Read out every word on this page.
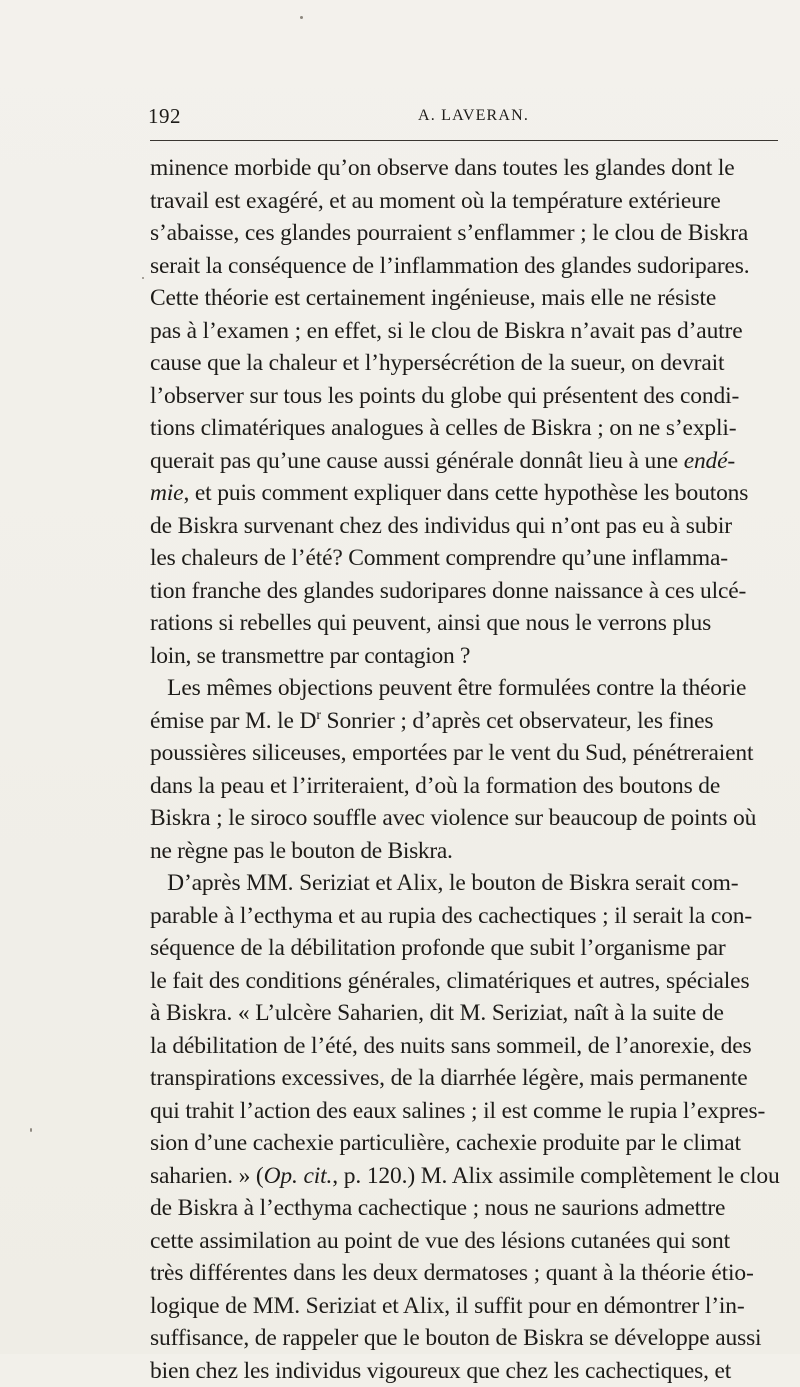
192	A. LAVERAN.
minence morbide qu’on observe dans toutes les glandes dont le
travail est exagéré, et au moment où la température extérieure
s’abaisse, ces glandes pourraient s’enflammer ; le clou de Biskra
serait la conséquence de l’inflammation des glandes sudoripares.
Cette théorie est certainement ingénieuse, mais elle ne résiste
pas à l’examen ; en effet, si le clou de Biskra n’avait pas d’autre
cause que la chaleur et l’hypersécrétion de la sueur, on devrait
l’observer sur tous les points du globe qui présentent des condi-
tions climatériques analogues à celles de Biskra ; on ne s’expli-
querait pas qu’une cause aussi générale donnât lieu à une endé-
mie, et puis comment expliquer dans cette hypothèse les boutons
de Biskra survenant chez des individus qui n’ont pas eu à subir
les chaleurs de l’été? Comment comprendre qu’une inflamma-
tion franche des glandes sudoripares donne naissance à ces ulcé-
rations si rebelles qui peuvent, ainsi que nous le verrons plus
loin, se transmettre par contagion ?
Les mêmes objections peuvent être formulées contre la théorie
émise par M. le $D^r$ Sonrier ; d’après cet observateur, les fines
poussières siliceuses, emportées par le vent du Sud, pénétreraient
dans la peau et l’irriteraient, d’où la formation des boutons de
Biskra ; le siroco souffle avec violence sur beaucoup de points où
ne règne pas le bouton de Biskra.
D’après MM. Seriziat et Alix, le bouton de Biskra serait com-
parable à l’ecthyma et au rupia des cachectiques ; il serait la con-
séquence de la débilitation profonde que subit l’organisme par
le fait des conditions générales, climatériques et autres, spéciales
à Biskra. « L’ulcère Saharien, dit M. Seriziat, naît à la suite de
la débilitation de l’été, des nuits sans sommeil, de l’anorexie, des
transpirations excessives, de la diarrhée légère, mais permanente
qui trahit l’action des eaux salines ; il est comme le rupia l’expres-
sion d’une cachexie particulière, cachexie produite par le climat
saharien. » (Op. cit., p. 120.) M. Alix assimile complètement le clou
de Biskra à l’ecthyma cachectique ; nous ne saurions admettre
cette assimilation au point de vue des lésions cutanées qui sont
très différentes dans les deux dermatoses ; quant à la théorie étio-
logique de MM. Seriziat et Alix, il suffit pour en démontrer l’in-
suffisance, de rappeler que le bouton de Biskra se développe aussi
bien chez les individus vigoureux que chez les cachectiques, et
